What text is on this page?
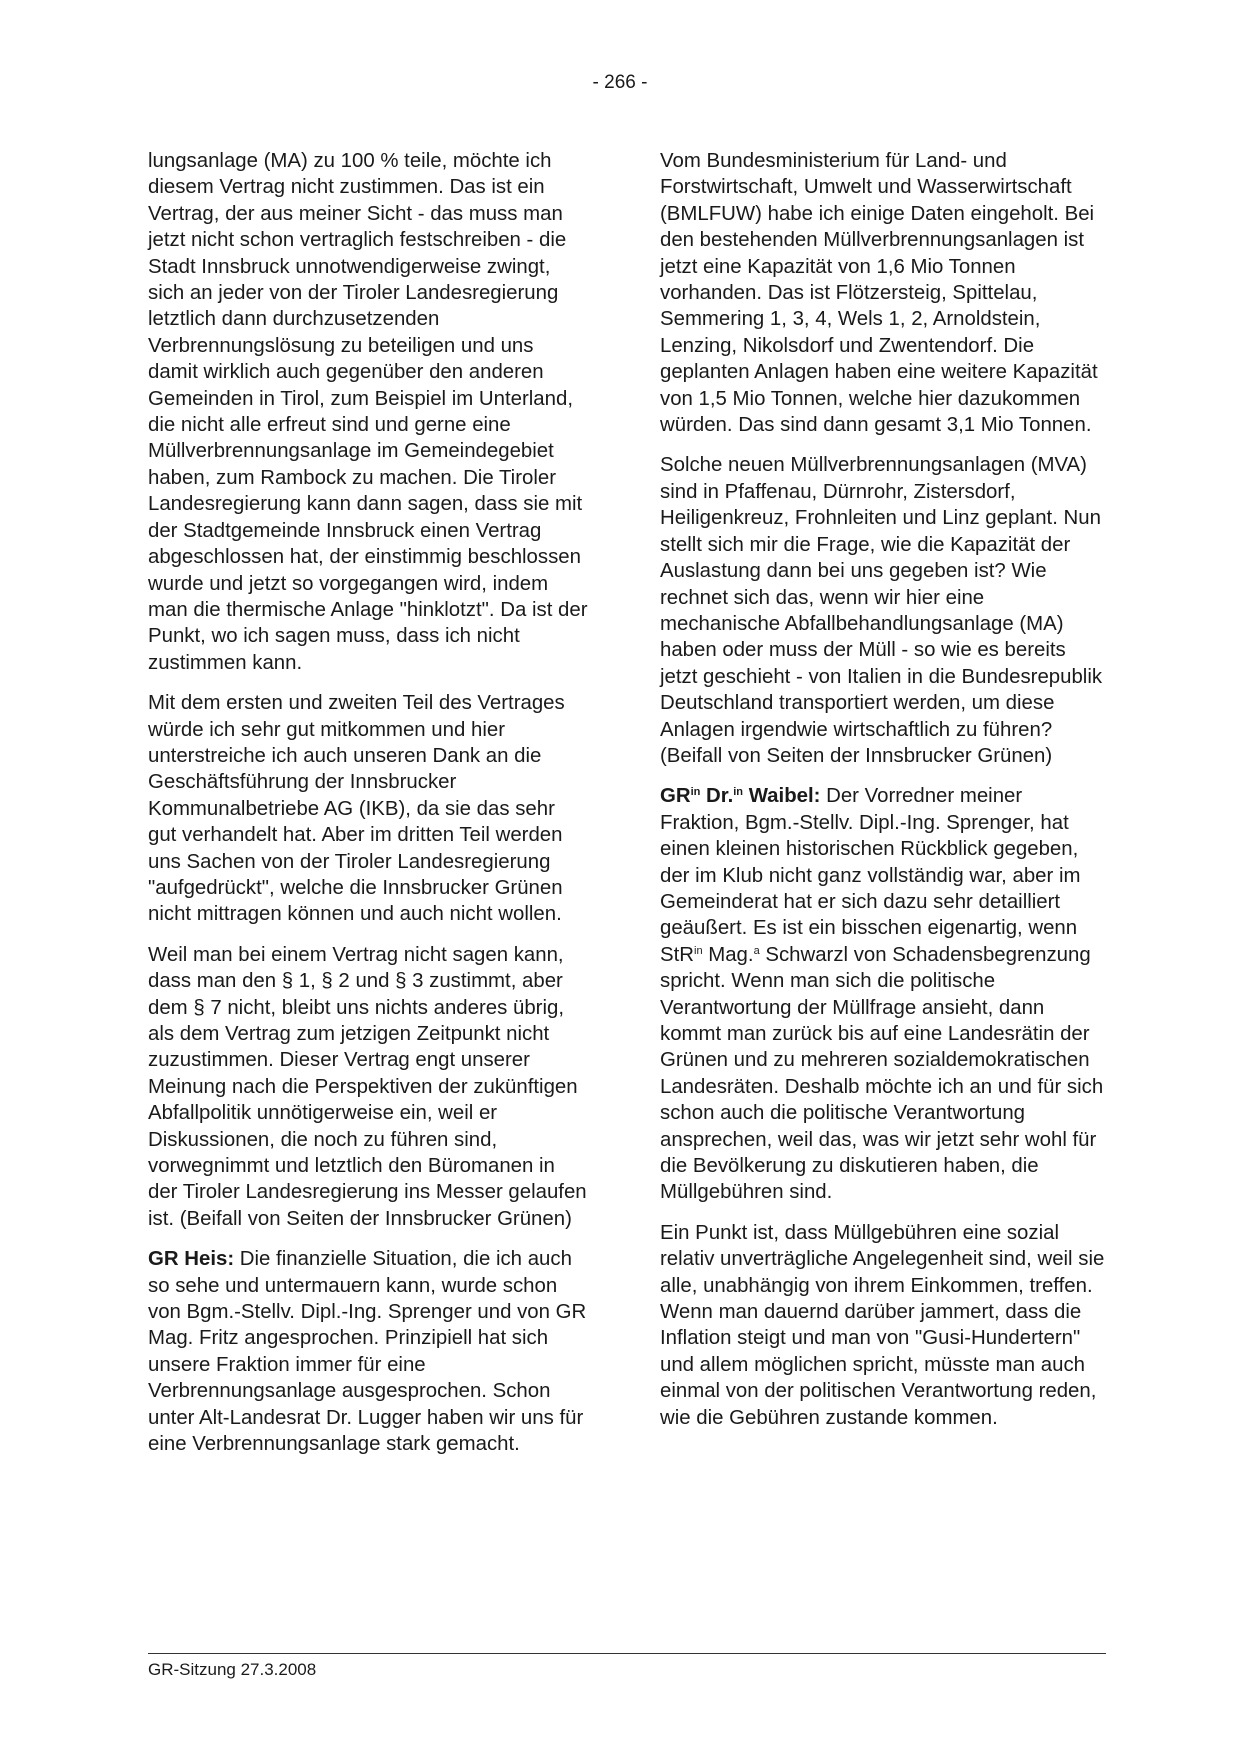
- 266 -

lungsanlage (MA) zu 100 % teile, möchte ich diesem Vertrag nicht zustimmen. Das ist ein Vertrag, der aus meiner Sicht - das muss man jetzt nicht schon vertraglich festschreiben - die Stadt Innsbruck unnotwendigerweise zwingt, sich an jeder von der Tiroler Landesregierung letztlich dann durchzusetzenden Verbrennungslösung zu beteiligen und uns damit wirklich auch gegenüber den anderen Gemeinden in Tirol, zum Beispiel im Unterland, die nicht alle erfreut sind und gerne eine Müllverbrennungsanlage im Gemeindegebiet haben, zum Rambock zu machen. Die Tiroler Landesregierung kann dann sagen, dass sie mit der Stadtgemeinde Innsbruck einen Vertrag abgeschlossen hat, der einstimmig beschlossen wurde und jetzt so vorgegangen wird, indem man die thermische Anlage "hinklotzt". Da ist der Punkt, wo ich sagen muss, dass ich nicht zustimmen kann.

Mit dem ersten und zweiten Teil des Vertrages würde ich sehr gut mitkommen und hier unterstreiche ich auch unseren Dank an die Geschäftsführung der Innsbrucker Kommunalbetriebe AG (IKB), da sie das sehr gut verhandelt hat. Aber im dritten Teil werden uns Sachen von der Tiroler Landesregierung "aufgedrückt", welche die Innsbrucker Grünen nicht mittragen können und auch nicht wollen.

Weil man bei einem Vertrag nicht sagen kann, dass man den § 1, § 2 und § 3 zustimmt, aber dem § 7 nicht, bleibt uns nichts anderes übrig, als dem Vertrag zum jetzigen Zeitpunkt nicht zuzustimmen. Dieser Vertrag engt unserer Meinung nach die Perspektiven der zukünftigen Abfallpolitik unnötigerweise ein, weil er Diskussionen, die noch zu führen sind, vorwegnimmt und letztlich den Büromanen in der Tiroler Landesregierung ins Messer gelaufen ist. (Beifall von Seiten der Innsbrucker Grünen)

GR Heis: Die finanzielle Situation, die ich auch so sehe und untermauern kann, wurde schon von Bgm.-Stellv. Dipl.-Ing. Sprenger und von GR Mag. Fritz angesprochen. Prinzipiell hat sich unsere Fraktion immer für eine Verbrennungsanlage ausgesprochen. Schon unter Alt-Landesrat Dr. Lugger haben wir uns für eine Verbrennungsanlage stark gemacht.

Vom Bundesministerium für Land- und Forstwirtschaft, Umwelt und Wasserwirtschaft (BMLFUW) habe ich einige Daten eingeholt. Bei den bestehenden Müllverbrennungsanlagen ist jetzt eine Kapazität von 1,6 Mio Tonnen vorhanden. Das ist Flötzersteig, Spittelau, Semmering 1, 3, 4, Wels 1, 2, Arnoldstein, Lenzing, Nikolsdorf und Zwentendorf. Die geplanten Anlagen haben eine weitere Kapazität von 1,5 Mio Tonnen, welche hier dazukommen würden. Das sind dann gesamt 3,1 Mio Tonnen.

Solche neuen Müllverbrennungsanlagen (MVA) sind in Pfaffenau, Dürnrohr, Zistersdorf, Heiligenkreuz, Frohnleiten und Linz geplant. Nun stellt sich mir die Frage, wie die Kapazität der Auslastung dann bei uns gegeben ist? Wie rechnet sich das, wenn wir hier eine mechanische Abfallbehandlungsanlage (MA) haben oder muss der Müll - so wie es bereits jetzt geschieht - von Italien in die Bundesrepublik Deutschland transportiert werden, um diese Anlagen irgendwie wirtschaftlich zu führen? (Beifall von Seiten der Innsbrucker Grünen)

$GR^{in}$ Dr.$^{in}$ Waibel: Der Vorredner meiner Fraktion, Bgm.-Stellv. Dipl.-Ing. Sprenger, hat einen kleinen historischen Rückblick gegeben, der im Klub nicht ganz vollständig war, aber im Gemeinderat hat er sich dazu sehr detailliert geäußert. Es ist ein bisschen eigenartig, wenn StR$^{in}$ Mag.$^a$ Schwarzl von Schadensbegrenzung spricht. Wenn man sich die politische Verantwortung der Müllfrage ansieht, dann kommt man zurück bis auf eine Landesrätin der Grünen und zu mehreren sozialdemokratischen Landesräten. Deshalb möchte ich an und für sich schon auch die politische Verantwortung ansprechen, weil das, was wir jetzt sehr wohl für die Bevölkerung zu diskutieren haben, die Müllgebühren sind.

Ein Punkt ist, dass Müllgebühren eine sozial relativ unverträgliche Angelegenheit sind, weil sie alle, unabhängig von ihrem Einkommen, treffen. Wenn man dauernd darüber jammert, dass die Inflation steigt und man von "Gusi-Hundertern" und allem möglichen spricht, müsste man auch einmal von der politischen Verantwortung reden, wie die Gebühren zustande kommen.

GR-Sitzung 27.3.2008
